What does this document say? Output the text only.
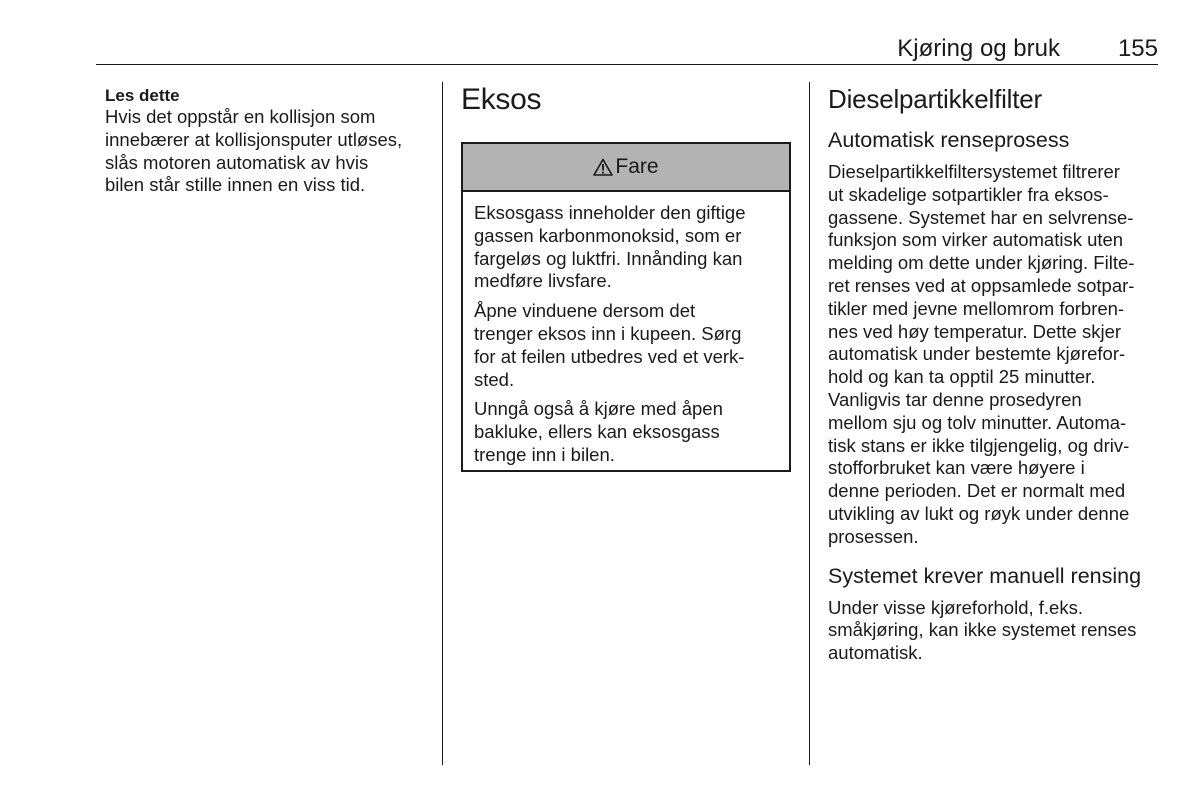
Kjøring og bruk	155
Les dette

Hvis det oppstår en kollisjon som

innebærer at kollisjonsputer utløses,

slås motoren automatisk av hvis

bilen står stille innen en viss tid.

Eksos
Fare

Eksosgass inneholder den giftige
gassen karbonmonoksid, som er
fargeløs og luktfri. Innånding kan
medføre livsfare.

Åpne vinduene dersom det
trenger eksos inn i kupeen. Sørg
for at feilen utbedres ved et verk-
sted.

Unngå også å kjøre med åpen
bakluke, ellers kan eksosgass
trenge inn i bilen.

Dieselpartikkelfilter
Automatisk renseprosess

Dieselpartikkelfiltersystemet filtrerer

ut skadelige sotpartikler fra eksos-

gassene. Systemet har en selvrense-

funksjon som virker automatisk uten

melding om dette under kjøring. Filte-

ret renses ved at oppsamlede sotpar-

tikler med jevne mellomrom forbren-

nes ved høy temperatur. Dette skjer

automatisk under bestemte kjørefor-

hold og kan ta opptil 25 minutter.

Vanligvis tar denne prosedyren

mellom sju og tolv minutter. Automa-

tisk stans er ikke tilgjengelig, og driv-

stofforbruket kan være høyere i

denne perioden. Det er normalt med

utvikling av lukt og røyk under denne

prosessen.

Systemet krever manuell rensing

Under visse kjøreforhold, f.eks.

småkjøring, kan ikke systemet renses

automatisk.
